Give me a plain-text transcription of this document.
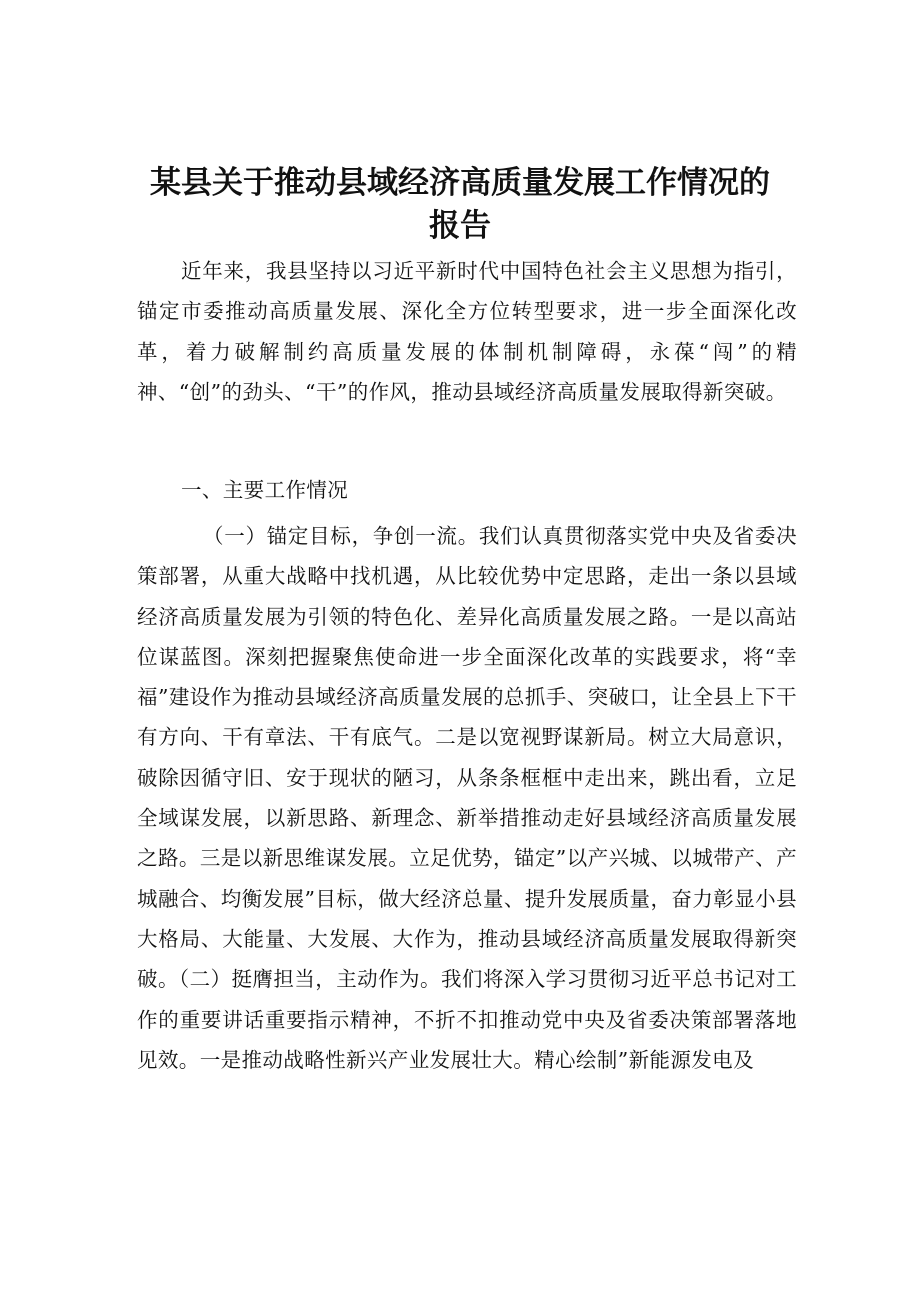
某县关于推动县域经济高质量发展工作情况的
报告

近年来，我县坚持以习近平新时代中国特色社会主义思想为指引，锚定市委推动高质量发展、深化全方位转型要求，进一步全面深化改革，着力破解制约高质量发展的体制机制障碍，永葆“闯”的精神、“创”的劲头、“干”的作风，推动县域经济高质量发展取得新突破。

一、主要工作情况

（一）锚定目标，争创一流。我们认真贯彻落实党中央及省委决策部署，从重大战略中找机遇，从比较优势中定思路，走出一条以县域经济高质量发展为引领的特色化、差异化高质量发展之路。一是以高站位谋蓝图。深刻把握聚焦使命进一步全面深化改革的实践要求，将“幸福”建设作为推动县域经济高质量发展的总抓手、突破口，让全县上下干有方向、干有章法、干有底气。二是以宽视野谋新局。树立大局意识，破除因循守旧、安于现状的陋习，从条条框框中走出来，跳出看，立足全域谋发展，以新思路、新理念、新举措推动走好县域经济高质量发展之路。三是以新思维谋发展。立足优势，锚定”以产兴城、以城带产、产城融合、均衡发展”目标，做大经济总量、提升发展质量，奋力彰显小县大格局、大能量、大发展、大作为，推动县域经济高质量发展取得新突破。（二）挺膺担当，主动作为。我们将深入学习贯彻习近平总书记对工作的重要讲话重要指示精神，不折不扣推动党中央及省委决策部署落地见效。一是推动战略性新兴产业发展壮大。精心绘制”新能源发电及
